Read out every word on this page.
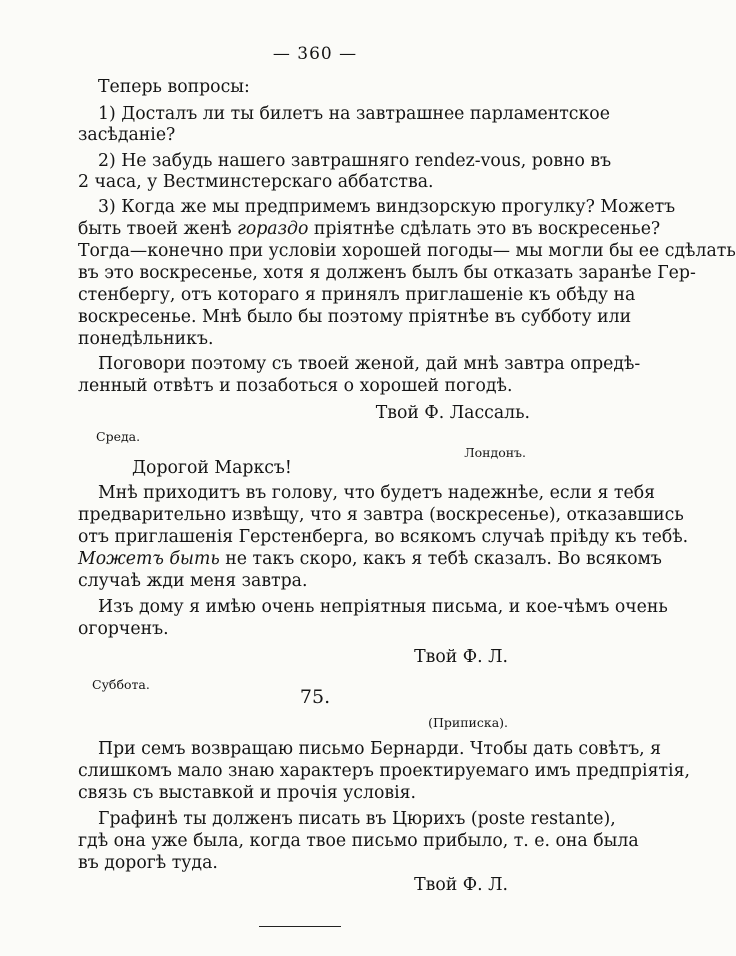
— 360 —
Теперь вопросы:
1) Досталъ ли ты билетъ на завтрашнее парламентское
засѣданіе?
2) Не забудь нашего завтрашняго rendez-vous, ровно въ
2 часа, у Вестминстерскаго аббатства.
3) Когда же мы предпримемъ виндзорскую прогулку? Можетъ
быть твоей женѣ гораздо пріятнѣе сдѣлать это въ воскресенье?
Тогда—конечно при условіи хорошей погоды— мы могли бы ее сдѣлать
въ это воскресенье, хотя я долженъ былъ бы отказать заранѣе Гер-
стенбергу, отъ котораго я принялъ приглашеніе къ обѣду на
воскресенье. Мнѣ было бы поэтому пріятнѣе въ субботу или
понедѣльникъ.
Поговори поэтому съ твоей женой, дай мнѣ завтра опредѣ-
ленный отвѣтъ и позаботься о хорошей погодѣ.
Твой Ф. Лассаль.
Среда.
Лондонъ.
Дорогой Марксъ!
Мнѣ приходитъ въ голову, что будетъ надежнѣе, если я тебя
предварительно извѣщу, что я завтра (воскресенье), отказавшись
отъ приглашенія Герстенберга, во всякомъ случаѣ пріѣду къ тебѣ.
Можетъ быть не такъ скоро, какъ я тебѣ сказалъ. Во всякомъ
случаѣ жди меня завтра.
Изъ дому я имѣю очень непріятныя письма, и кое-чѣмъ очень
огорченъ.
Твой Ф. Л.
Суббота.
75.
(Приписка).
При семъ возвращаю письмо Бернарди. Чтобы дать совѣтъ, я
слишкомъ мало знаю характеръ проектируемаго имъ предпріятія,
связь съ выставкой и прочія условія.
Графинѣ ты долженъ писать въ Цюрихъ (poste restante),
гдѣ она уже была, когда твое письмо прибыло, т. е. она была
въ дорогѣ туда.
Твой Ф. Л.
